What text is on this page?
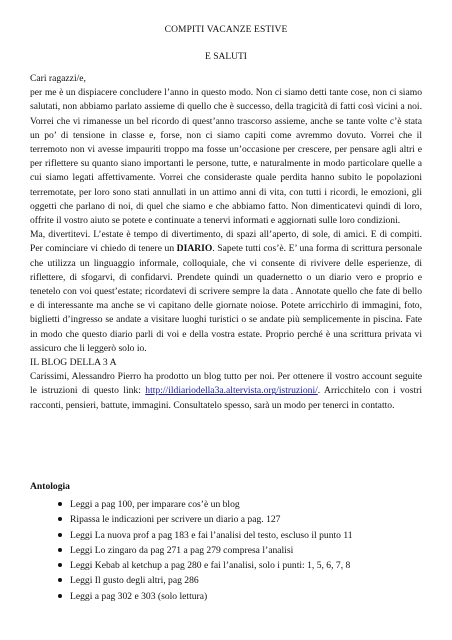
COMPITI VACANZE ESTIVE
E SALUTI

Cari ragazzi/e,

per me è un dispiacere concludere l’anno in questo modo. Non ci siamo detti tante cose, non ci siamo salutati, non abbiamo parlato assieme di quello che è successo, della tragicità di fatti così vicini a noi. Vorrei che vi rimanesse un bel ricordo di quest’anno trascorso assieme, anche se tante volte c’è stata un po’ di tensione in classe e, forse, non ci siamo capiti come avremmo dovuto. Vorrei che il terremoto non vi avesse impauriti troppo ma fosse un’occasione per crescere, per pensare agli altri e per riflettere su quanto siano importanti le persone, tutte, e naturalmente in modo particolare quelle a cui siamo legati affettivamente. Vorrei che consideraste quale perdita hanno subito le popolazioni terremotate, per loro sono stati annullati in un attimo anni di vita, con tutti i ricordi, le emozioni, gli oggetti che parlano di noi, di quel che siamo e che abbiamo fatto. Non dimenticatevi quindi di loro, offrite il vostro aiuto se potete e continuate a tenervi informati e aggiornati sulle loro condizioni.

Ma, divertitevi. L’estate è tempo di divertimento, di spazi all’aperto, di sole, di amici. E di compiti. Per cominciare vi chiedo di tenere un DIARIO. Sapete tutti cos’è. E’ una forma di scrittura personale che utilizza un linguaggio informale, colloquiale, che vi consente di rivivere delle esperienze, di riflettere, di sfogarvi, di confidarvi. Prendete quindi un quadernetto o un diario vero e proprio e tenetelo con voi quest’estate; ricordatevi di scrivere sempre la data . Annotate quello che fate di bello e di interessante ma anche se vi capitano delle giornate noiose. Potete arricchirlo di immagini, foto, biglietti d’ingresso se andate a visitare luoghi turistici o se andate più semplicemente in piscina. Fate in modo che questo diario parli di voi e della vostra estate. Proprio perché è una scrittura privata vi assicuro che li leggerò solo io.

IL BLOG DELLA 3 A

Carissimi, Alessandro Pierro ha prodotto un blog tutto per noi. Per ottenere il vostro account seguite le istruzioni di questo link: http://ildiariodella3a.altervista.org/istruzioni/. Arricchitelo con i vostri racconti, pensieri, battute, immagini. Consultatelo spesso, sarà un modo per tenerci in contatto.

Antologia
Leggi a pag 100, per imparare cos’è un blog
Ripassa le indicazioni per scrivere un diario a pag. 127
Leggi La nuova prof a pag 183 e fai l’analisi del testo, escluso il punto 11
Leggi Lo zingaro da pag 271 a pag 279 compresa l’analisi
Leggi Kebab al ketchup a pag 280 e fai l’analisi, solo i punti: 1, 5, 6, 7, 8
Leggi Il gusto degli altri, pag 286
Leggi a pag 302 e 303 (solo lettura)
